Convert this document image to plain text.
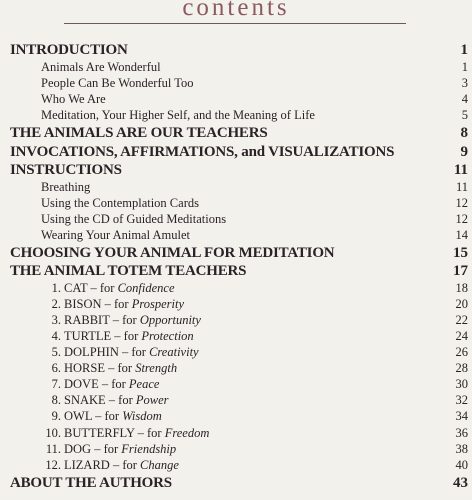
contents
INTRODUCTION	1
Animals Are Wonderful	1
People Can Be Wonderful Too	3
Who We Are	4
Meditation, Your Higher Self, and the Meaning of Life	5
THE ANIMALS ARE OUR TEACHERS	8
INVOCATIONS, AFFIRMATIONS, and VISUALIZATIONS	9
INSTRUCTIONS	11
Breathing	11
Using the Contemplation Cards	12
Using the CD of Guided Meditations	12
Wearing Your Animal Amulet	14
CHOOSING YOUR ANIMAL FOR MEDITATION	15
THE ANIMAL TOTEM TEACHERS	17
1. CAT – for Confidence	18
2. BISON – for Prosperity	20
3. RABBIT – for Opportunity	22
4. TURTLE – for Protection	24
5. DOLPHIN – for Creativity	26
6. HORSE – for Strength	28
7. DOVE – for Peace	30
8. SNAKE – for Power	32
9. OWL – for Wisdom	34
10. BUTTERFLY – for Freedom	36
11. DOG – for Friendship	38
12. LIZARD – for Change	40
ABOUT THE AUTHORS	43
